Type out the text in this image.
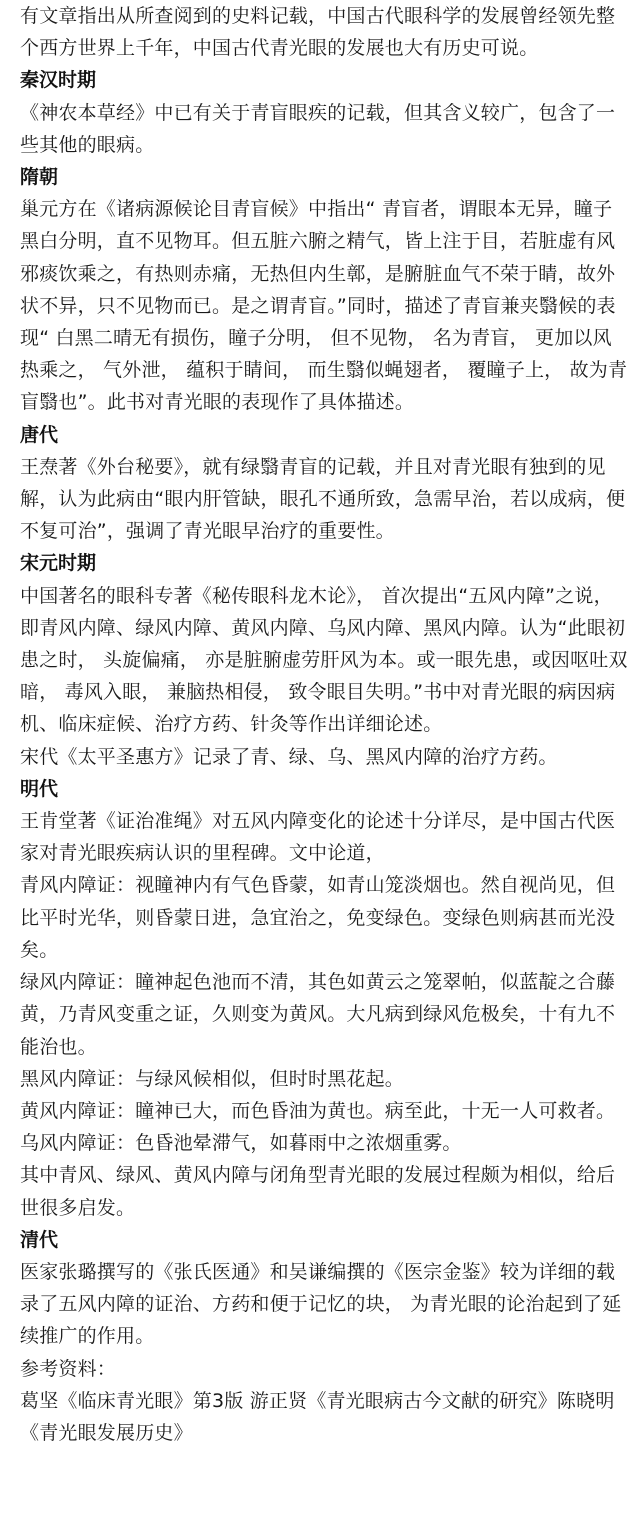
有文章指出从所查阅到的史料记载，中国古代眼科学的发展曾经领先整个西方世界上千年，中国古代青光眼的发展也大有历史可说。

秦汉时期

《神农本草经》中已有关于青盲眼疾的记载，但其含义较广，包含了一些其他的眼病。

隋朝

巢元方在《诸病源候论目青盲候》中指出“ 青盲者，谓眼本无异，瞳子黑白分明，直不见物耳。但五脏六腑之精气，皆上注于目，若脏虚有风邪痰饮乘之，有热则赤痛，无热但内生鄣，是腑脏血气不荣于睛，故外状不异，只不见物而已。是之谓青盲。”同时，描述了青盲兼夹翳候的表现“ 白黑二晴无有损伤，瞳子分明， 但不见物， 名为青盲， 更加以风热乘之， 气外泄， 蕴积于睛间， 而生翳似蝇翅者， 覆瞳子上， 故为青盲翳也”。此书对青光眼的表现作了具体描述。

唐代

王焘著《外台秘要》，就有绿翳青盲的记载，并且对青光眼有独到的见解，认为此病由“眼内肝管缺，眼孔不通所致，急需早治，若以成病，便不复可治”，强调了青光眼早治疗的重要性。

宋元时期

中国著名的眼科专著《秘传眼科龙木论》， 首次提出“五风内障”之说， 即青风内障、绿风内障、黄风内障、乌风内障、黑风内障。认为“此眼初患之时， 头旋偏痛， 亦是脏腑虚劳肝风为本。或一眼先患，或因呕吐双暗， 毒风入眼， 兼脑热相侵， 致令眼目失明。”书中对青光眼的病因病机、临床症候、治疗方药、针灸等作出详细论述。

宋代《太平圣惠方》记录了青、绿、乌、黑风内障的治疗方药。

明代

王肯堂著《证治准绳》对五风内障变化的论述十分详尽，是中国古代医家对青光眼疾病认识的里程碑。文中论道，

青风内障证：视瞳神内有气色昏蒙，如青山笼淡烟也。然自视尚见，但比平时光华，则昏蒙日进，急宜治之，免变绿色。变绿色则病甚而光没矣。

绿风内障证：瞳神起色池而不清，其色如黄云之笼翠帕，似蓝靛之合藤黄，乃青风变重之证，久则变为黄风。大凡病到绿风危极矣，十有九不能治也。

黑风内障证：与绿风候相似，但时时黑花起。

黄风内障证：瞳神已大，而色昏油为黄也。病至此，十无一人可救者。

乌风内障证：色昏池晕滞气，如暮雨中之浓烟重雾。

其中青风、绿风、黄风内障与闭角型青光眼的发展过程颇为相似，给后世很多启发。

清代

医家张璐撰写的《张氏医通》和吴谦编撰的《医宗金鉴》较为详细的载录了五风内障的证治、方药和便于记忆的块， 为青光眼的论治起到了延续推广的作用。

参考资料：

葛坚《临床青光眼》第3版 游正贤《青光眼病古今文献的研究》陈晓明《青光眼发展历史》
